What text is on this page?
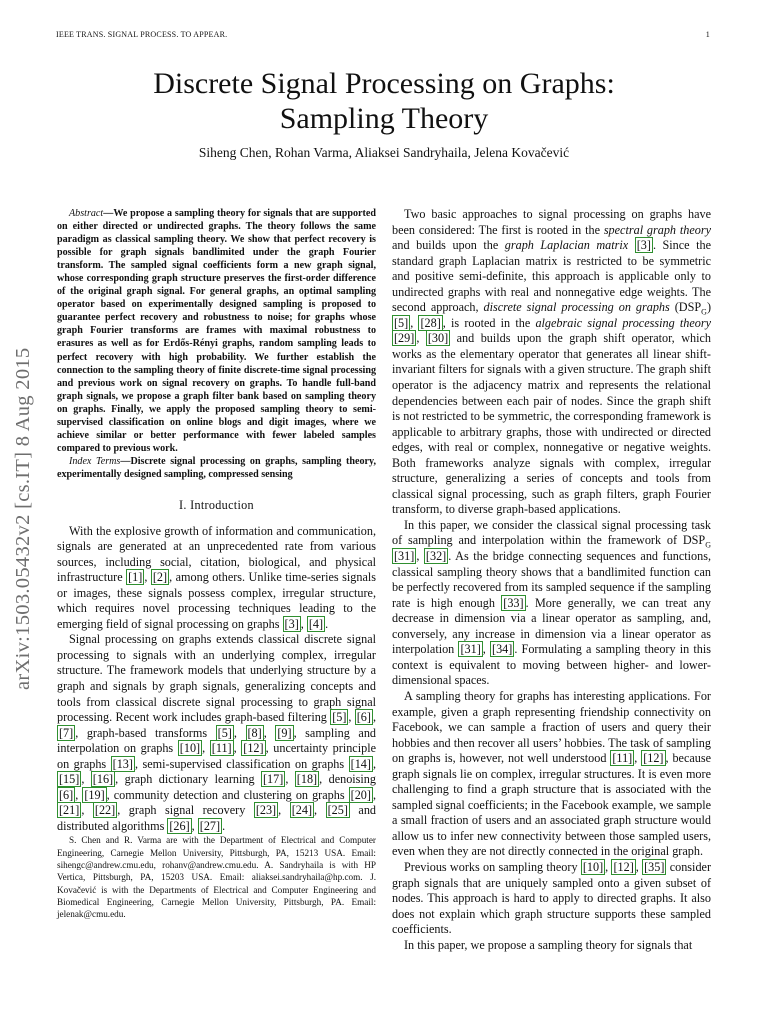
IEEE TRANS. SIGNAL PROCESS. TO APPEAR.	1
arXiv:1503.05432v2 [cs.IT] 8 Aug 2015
Discrete Signal Processing on Graphs:
Sampling Theory
Siheng Chen, Rohan Varma, Aliaksei Sandryhaila, Jelena Kovačević

Abstract—We propose a sampling theory for signals that are supported on either directed or undirected graphs. The theory follows the same paradigm as classical sampling theory. We show that perfect recovery is possible for graph signals bandlimited under the graph Fourier transform. The sampled signal coefficients form a new graph signal, whose corresponding graph structure preserves the first-order difference of the original graph signal. For general graphs, an optimal sampling operator based on experimentally designed sampling is proposed to guarantee perfect recovery and robustness to noise; for graphs whose graph Fourier transforms are frames with maximal robustness to erasures as well as for Erdős-Rényi graphs, random sampling leads to perfect recovery with high probability. We further establish the connection to the sampling theory of finite discrete-time signal processing and previous work on signal recovery on graphs. To handle full-band graph signals, we propose a graph filter bank based on sampling theory on graphs. Finally, we apply the proposed sampling theory to semi-supervised classification on online blogs and digit images, where we achieve similar or better performance with fewer labeled samples compared to previous work.

Index Terms—Discrete signal processing on graphs, sampling theory, experimentally designed sampling, compressed sensing

I. Introduction

With the explosive growth of information and communication, signals are generated at an unprecedented rate from various sources, including social, citation, biological, and physical infrastructure [1] , [2] , among others. Unlike time-series signals or images, these signals possess complex, irregular structure, which requires novel processing techniques leading to the emerging field of signal processing on graphs [3] , [4] .

Signal processing on graphs extends classical discrete signal processing to signals with an underlying complex, irregular structure. The framework models that underlying structure by a graph and signals by graph signals, generalizing concepts and tools from classical discrete signal processing to graph signal processing. Recent work includes graph-based filtering [5] , [6] , [7] , graph-based transforms [5] , [8] , [9] , sampling and interpolation on graphs [10] , [11] , [12] , uncertainty principle on graphs [13] , semi-supervised classification on graphs [14] , [15] , [16] , graph dictionary learning [17] , [18] , denoising [6] , [19] , community detection and clustering on graphs [20] , [21] , [22] , graph signal recovery [23] , [24] , [25] and distributed algorithms [26] , [27] .

S. Chen and R. Varma are with the Department of Electrical and Computer Engineering, Carnegie Mellon University, Pittsburgh, PA, 15213 USA. Email: sihengc@andrew.cmu.edu, rohanv@andrew.cmu.edu. A. Sandryhaila is with HP Vertica, Pittsburgh, PA, 15203 USA. Email: aliaksei.sandryhaila@hp.com. J. Kovačević is with the Departments of Electrical and Computer Engineering and Biomedical Engineering, Carnegie Mellon University, Pittsburgh, PA. Email: jelenak@cmu.edu.

Two basic approaches to signal processing on graphs have been considered: The first is rooted in the spectral graph theory and builds upon the graph Laplacian matrix [3] . Since the standard graph Laplacian matrix is restricted to be symmetric and positive semi-definite, this approach is applicable only to undirected graphs with real and nonnegative edge weights. The second approach, discrete signal processing on graphs $(DSP_G)$ [5] , [28] , is rooted in the algebraic signal processing theory [29] , [30] and builds upon the graph shift operator, which works as the elementary operator that generates all linear shift-invariant filters for signals with a given structure. The graph shift operator is the adjacency matrix and represents the relational dependencies between each pair of nodes. Since the graph shift is not restricted to be symmetric, the corresponding framework is applicable to arbitrary graphs, those with undirected or directed edges, with real or complex, nonnegative or negative weights. Both frameworks analyze signals with complex, irregular structure, generalizing a series of concepts and tools from classical signal processing, such as graph filters, graph Fourier transform, to diverse graph-based applications.

In this paper, we consider the classical signal processing task of sampling and interpolation within the framework of $DSP_G$ [31] , [32] . As the bridge connecting sequences and functions, classical sampling theory shows that a bandlimited function can be perfectly recovered from its sampled sequence if the sampling rate is high enough [33] . More generally, we can treat any decrease in dimension via a linear operator as sampling, and, conversely, any increase in dimension via a linear operator as interpolation [31] , [34] . Formulating a sampling theory in this context is equivalent to moving between higher- and lower-dimensional spaces.

A sampling theory for graphs has interesting applications. For example, given a graph representing friendship connectivity on Facebook, we can sample a fraction of users and query their hobbies and then recover all users’ hobbies. The task of sampling on graphs is, however, not well understood [11] , [12] , because graph signals lie on complex, irregular structures. It is even more challenging to find a graph structure that is associated with the sampled signal coefficients; in the Facebook example, we sample a small fraction of users and an associated graph structure would allow us to infer new connectivity between those sampled users, even when they are not directly connected in the original graph.

Previous works on sampling theory [10] , [12] , [35] consider graph signals that are uniquely sampled onto a given subset of nodes. This approach is hard to apply to directed graphs. It also does not explain which graph structure supports these sampled coefficients.

In this paper, we propose a sampling theory for signals that
